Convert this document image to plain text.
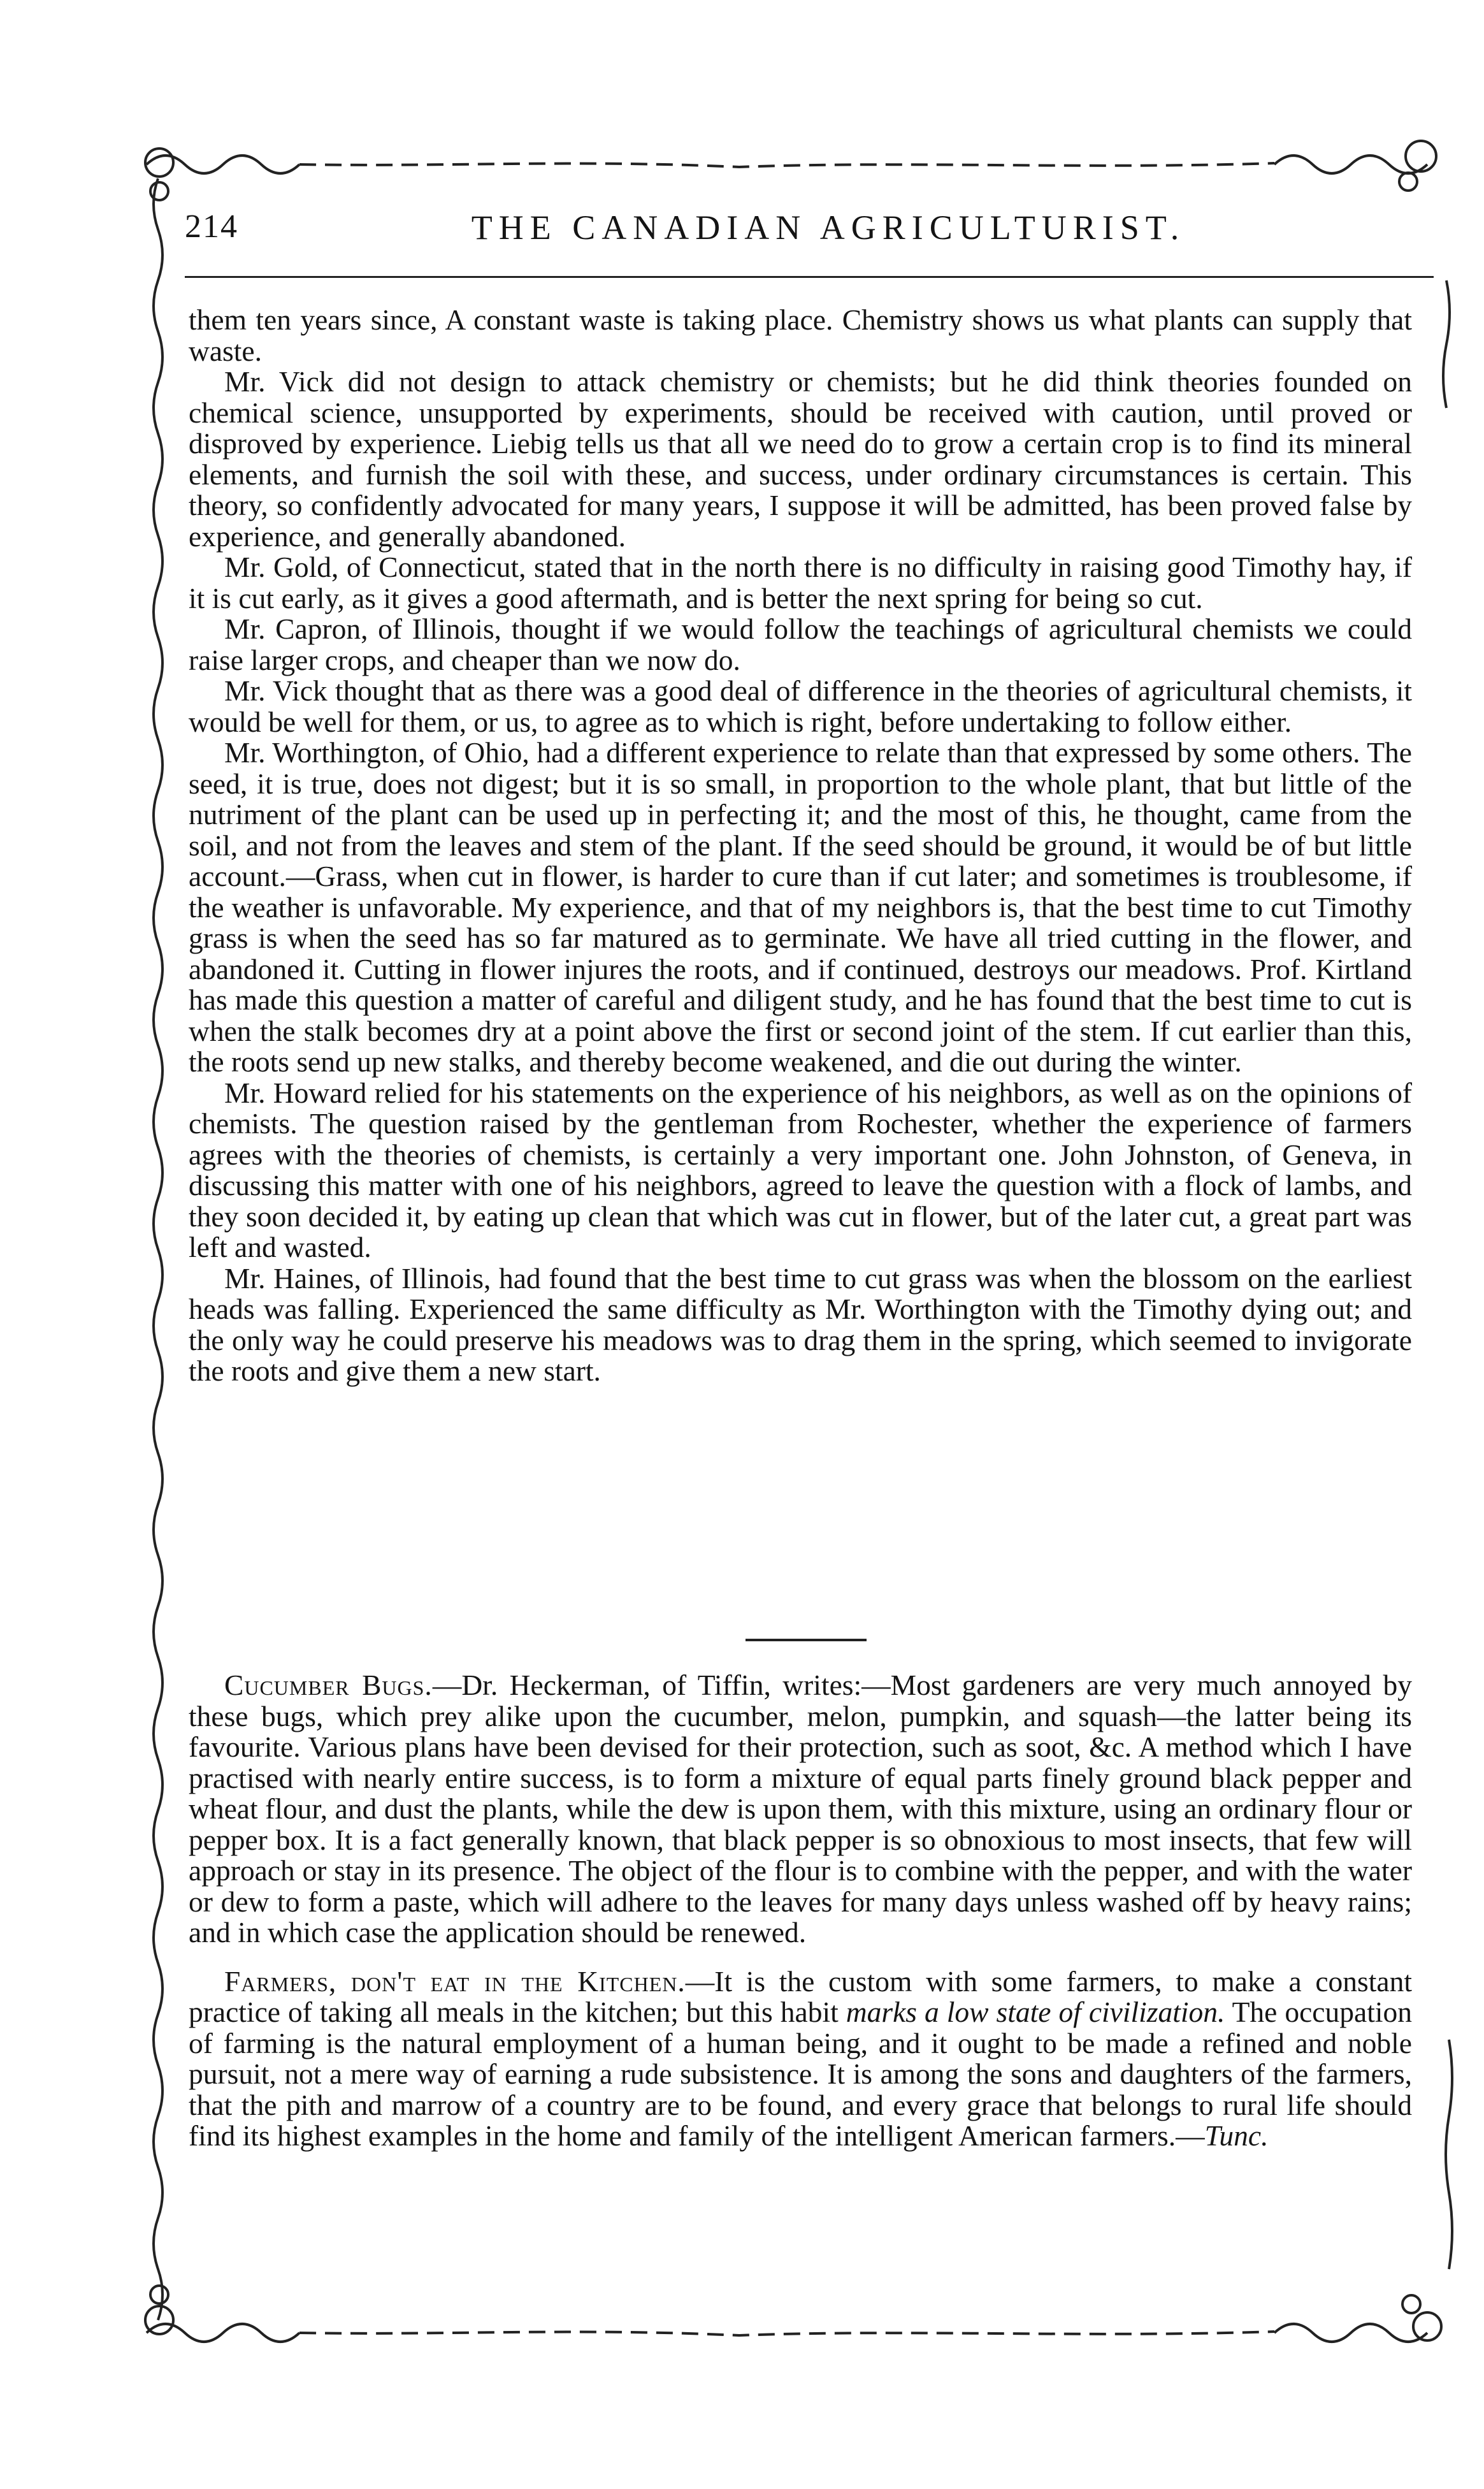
214	THE CANADIAN AGRICULTURIST.

them ten years since, A constant waste is taking place. Chemistry shows us what plants can supply that waste.

Mr. Vick did not design to attack chemistry or chemists; but he did think theories founded on chemical science, unsupported by experiments, should be received with caution, until proved or disproved by experience. Liebig tells us that all we need do to grow a certain crop is to find its mineral elements, and furnish the soil with these, and success, under ordinary circumstances is certain. This theory, so confidently advocated for many years, I suppose it will be admitted, has been proved false by experience, and generally abandoned.

Mr. Gold, of Connecticut, stated that in the north there is no difficulty in raising good Timothy hay, if it is cut early, as it gives a good aftermath, and is better the next spring for being so cut.

Mr. Capron, of Illinois, thought if we would follow the teachings of agricultural chemists we could raise larger crops, and cheaper than we now do.

Mr. Vick thought that as there was a good deal of difference in the theories of agricultural chemists, it would be well for them, or us, to agree as to which is right, before undertaking to follow either.

Mr. Worthington, of Ohio, had a different experience to relate than that expressed by some others. The seed, it is true, does not digest; but it is so small, in proportion to the whole plant, that but little of the nutriment of the plant can be used up in perfecting it; and the most of this, he thought, came from the soil, and not from the leaves and stem of the plant. If the seed should be ground, it would be of but little account.—Grass, when cut in flower, is harder to cure than if cut later; and sometimes is troublesome, if the weather is unfavorable. My experience, and that of my neighbors is, that the best time to cut Timothy grass is when the seed has so far matured as to germinate. We have all tried cutting in the flower, and abandoned it. Cutting in flower injures the roots, and if continued, destroys our meadows. Prof. Kirtland has made this question a matter of careful and diligent study, and he has found that the best time to cut is when the stalk becomes dry at a point above the first or second joint of the stem. If cut earlier than this, the roots send up new stalks, and thereby become weakened, and die out during the winter.

Mr. Howard relied for his statements on the experience of his neighbors, as well as on the opinions of chemists. The question raised by the gentleman from Rochester, whether the experience of farmers agrees with the theories of chemists, is certainly a very important one. John Johnston, of Geneva, in discussing this matter with one of his neighbors, agreed to leave the question with a flock of lambs, and they soon decided it, by eating up clean that which was cut in flower, but of the later cut, a great part was left and wasted.

Mr. Haines, of Illinois, had found that the best time to cut grass was when the blossom on the earliest heads was falling. Experienced the same difficulty as Mr. Worthington with the Timothy dying out; and the only way he could preserve his meadows was to drag them in the spring, which seemed to invigorate the roots and give them a new start.

Cucumber Bugs.—Dr. Heckerman, of Tiffin, writes:—Most gardeners are very much annoyed by these bugs, which prey alike upon the cucumber, melon, pumpkin, and squash—the latter being its favourite. Various plans have been devised for their protection, such as soot, &c. A method which I have practised with nearly entire success, is to form a mixture of equal parts finely ground black pepper and wheat flour, and dust the plants, while the dew is upon them, with this mixture, using an ordinary flour or pepper box. It is a fact generally known, that black pepper is so obnoxious to most insects, that few will approach or stay in its presence. The object of the flour is to combine with the pepper, and with the water or dew to form a paste, which will adhere to the leaves for many days unless washed off by heavy rains; and in which case the application should be renewed.

Farmers, don't eat in the Kitchen.—It is the custom with some farmers, to make a constant practice of taking all meals in the kitchen; but this habit marks a low state of civilization. The occupation of farming is the natural employment of a human being, and it ought to be made a refined and noble pursuit, not a mere way of earning a rude subsistence. It is among the sons and daughters of the farmers, that the pith and marrow of a country are to be found, and every grace that belongs to rural life should find its highest examples in the home and family of the intelligent American farmers.—Tunc.
